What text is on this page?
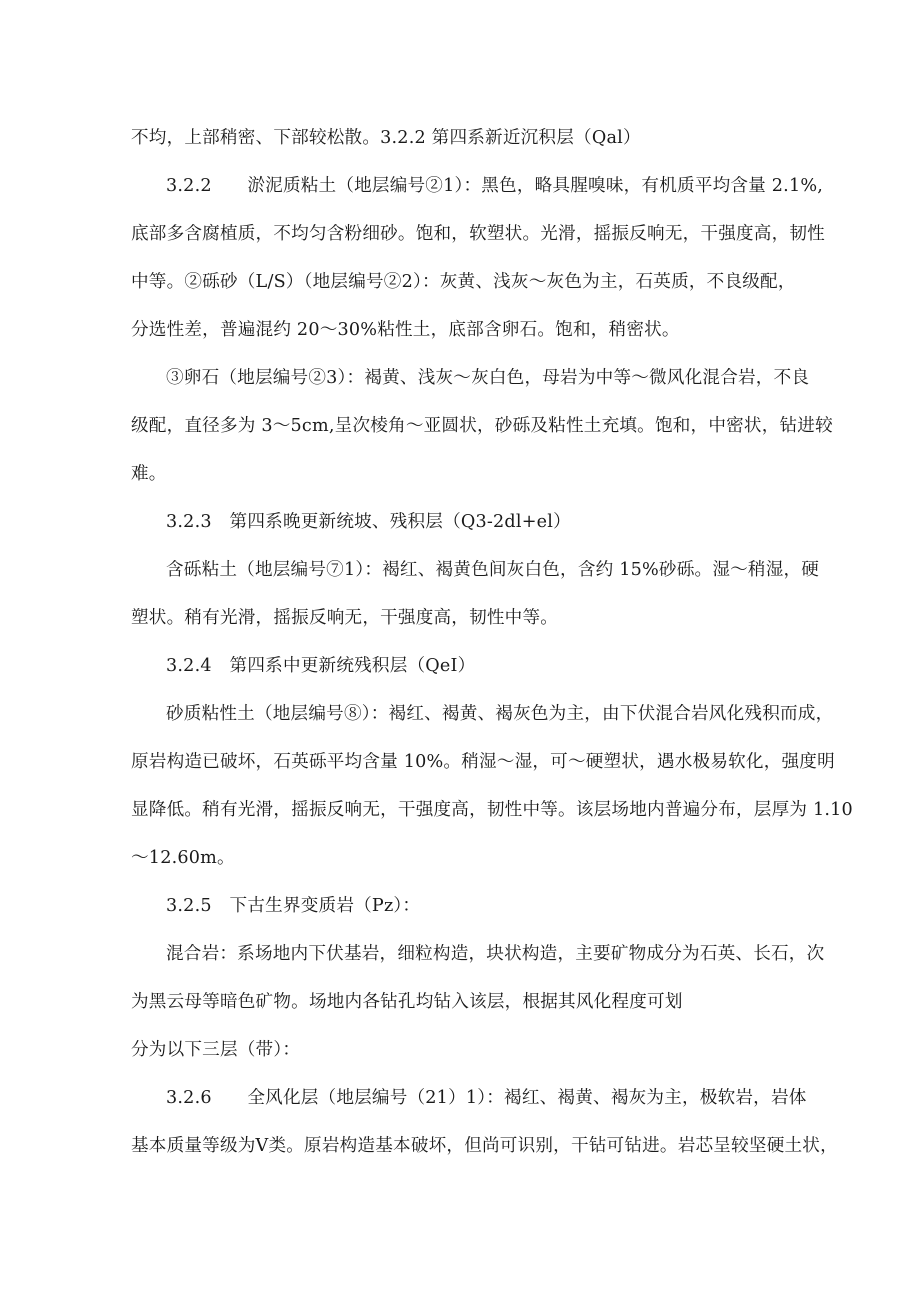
不均，上部稍密、下部较松散。3.2.2 第四系新近沉积层（Qal）
3.2.2　　淤泥质粘土（地层编号②1）：黑色，略具腥嗅味，有机质平均含量 2.1%,
底部多含腐植质，不均匀含粉细砂。饱和，软塑状。光滑，摇振反响无，干强度高，韧性
中等。②砾砂（L/S）（地层编号②2）：灰黄、浅灰～灰色为主，石英质，不良级配，
分选性差，普遍混约 20～30%粘性土，底部含卵石。饱和，稍密状。
③卵石（地层编号②3）：褐黄、浅灰～灰白色，母岩为中等～微风化混合岩，不良
级配，直径多为 3～5cm,呈次棱角～亚圆状，砂砾及粘性土充填。饱和，中密状，钻进较
难。
3.2.3　第四系晚更新统坡、残积层（Q3-2dl+el）
含砾粘土（地层编号⑦1）：褐红、褐黄色间灰白色，含约 15%砂砾。湿～稍湿，硬
塑状。稍有光滑，摇振反响无，干强度高，韧性中等。
3.2.4　第四系中更新统残积层（QeI）
砂质粘性土（地层编号⑧）：褐红、褐黄、褐灰色为主，由下伏混合岩风化残积而成，
原岩构造已破坏，石英砾平均含量 10%。稍湿～湿，可～硬塑状，遇水极易软化，强度明
显降低。稍有光滑，摇振反响无，干强度高，韧性中等。该层场地内普遍分布，层厚为 1.10
～12.60m。
3.2.5　下古生界变质岩（Pz）：
混合岩：系场地内下伏基岩，细粒构造，块状构造，主要矿物成分为石英、长石，次
为黑云母等暗色矿物。场地内各钻孔均钻入该层，根据其风化程度可划
分为以下三层（带）：
3.2.6　　全风化层（地层编号（21）1）：褐红、褐黄、褐灰为主，极软岩，岩体
基本质量等级为Ⅴ类。原岩构造基本破坏，但尚可识别，干钻可钻进。岩芯呈较坚硬土状，
